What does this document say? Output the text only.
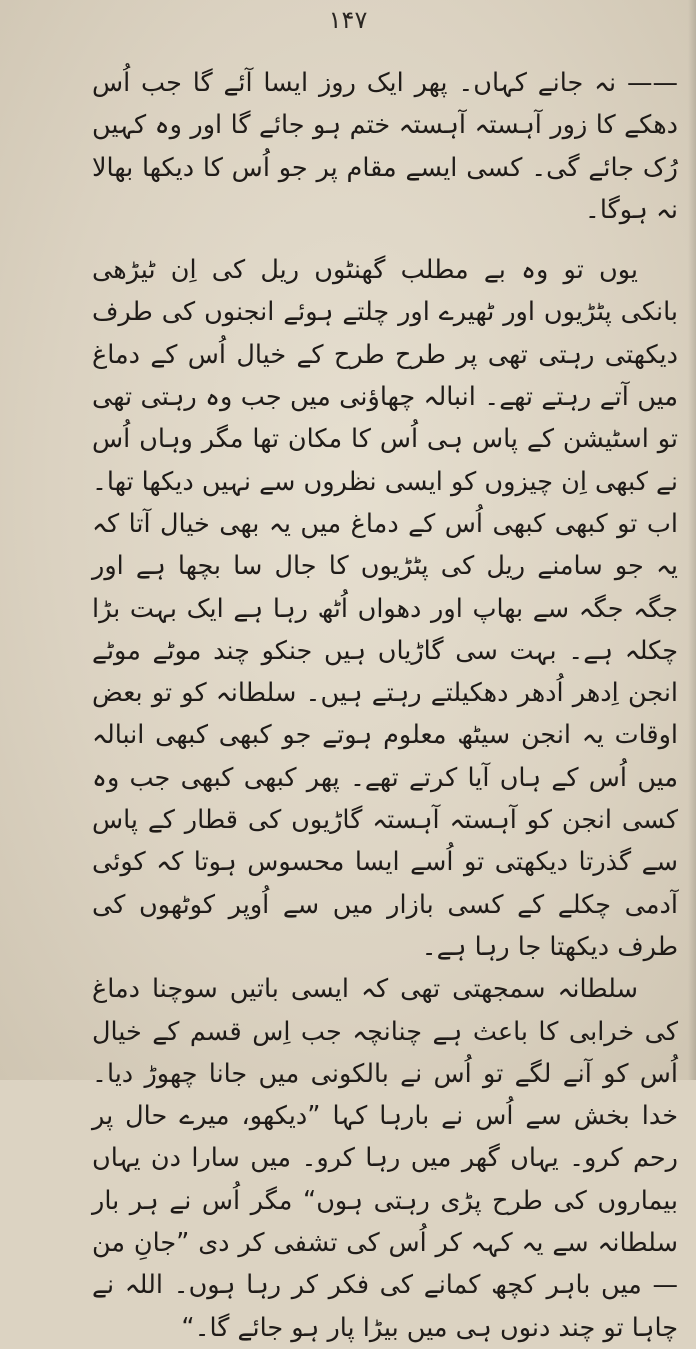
۱۴۷

—— نہ جانے کہاں۔ پھر ایک روز ایسا آئے گا جب اُس دھکے کا زور آہستہ آہستہ ختم ہو جائے گا اور وہ کہیں رُک جائے گی۔ کسی ایسے مقام پر جو اُس کا دیکھا بھالا نہ ہوگا۔

یوں تو وہ بے مطلب گھنٹوں ریل کی اِن ٹیڑھی بانکی پٹڑیوں اور ٹھیرے اور چلتے ہوئے انجنوں کی طرف دیکھتی رہتی تھی پر طرح طرح کے خیال اُس کے دماغ میں آتے رہتے تھے۔ انبالہ چھاؤنی میں جب وہ رہتی تھی تو اسٹیشن کے پاس ہی اُس کا مکان تھا مگر وہاں اُس نے کبھی اِن چیزوں کو ایسی نظروں سے نہیں دیکھا تھا۔ اب تو کبھی کبھی اُس کے دماغ میں یہ بھی خیال آتا کہ یہ جو سامنے ریل کی پٹڑیوں کا جال سا بچھا ہے اور جگہ جگہ سے بھاپ اور دھواں اُٹھ رہا ہے ایک بہت بڑا چکلہ ہے۔ بہت سی گاڑیاں ہیں جنکو چند موٹے موٹے انجن اِدھر اُدھر دھکیلتے رہتے ہیں۔ سلطانہ کو تو بعض اوقات یہ انجن سیٹھ معلوم ہوتے جو کبھی کبھی انبالہ میں اُس کے ہاں آیا کرتے تھے۔ پھر کبھی کبھی جب وہ کسی انجن کو آہستہ آہستہ گاڑیوں کی قطار کے پاس سے گذرتا دیکھتی تو اُسے ایسا محسوس ہوتا کہ کوئی آدمی چکلے کے کسی بازار میں سے اُوپر کوٹھوں کی طرف دیکھتا جا رہا ہے۔

سلطانہ سمجھتی تھی کہ ایسی باتیں سوچنا دماغ کی خرابی کا باعث ہے چنانچہ جب اِس قسم کے خیال اُس کو آنے لگے تو اُس نے بالکونی میں جانا چھوڑ دیا۔ خدا بخش سے اُس نے بارہا کہا ”دیکھو، میرے حال پر رحم کرو۔ یہاں گھر میں رہا کرو۔ میں سارا دن یہاں بیماروں کی طرح پڑی رہتی ہوں“ مگر اُس نے ہر بار سلطانہ سے یہ کہہ کر اُس کی تشفی کر دی ”جانِ من — میں باہر کچھ کمانے کی فکر کر رہا ہوں۔ اللہ نے چاہا تو چند دنوں ہی میں بیڑا پار ہو جائے گا۔“
